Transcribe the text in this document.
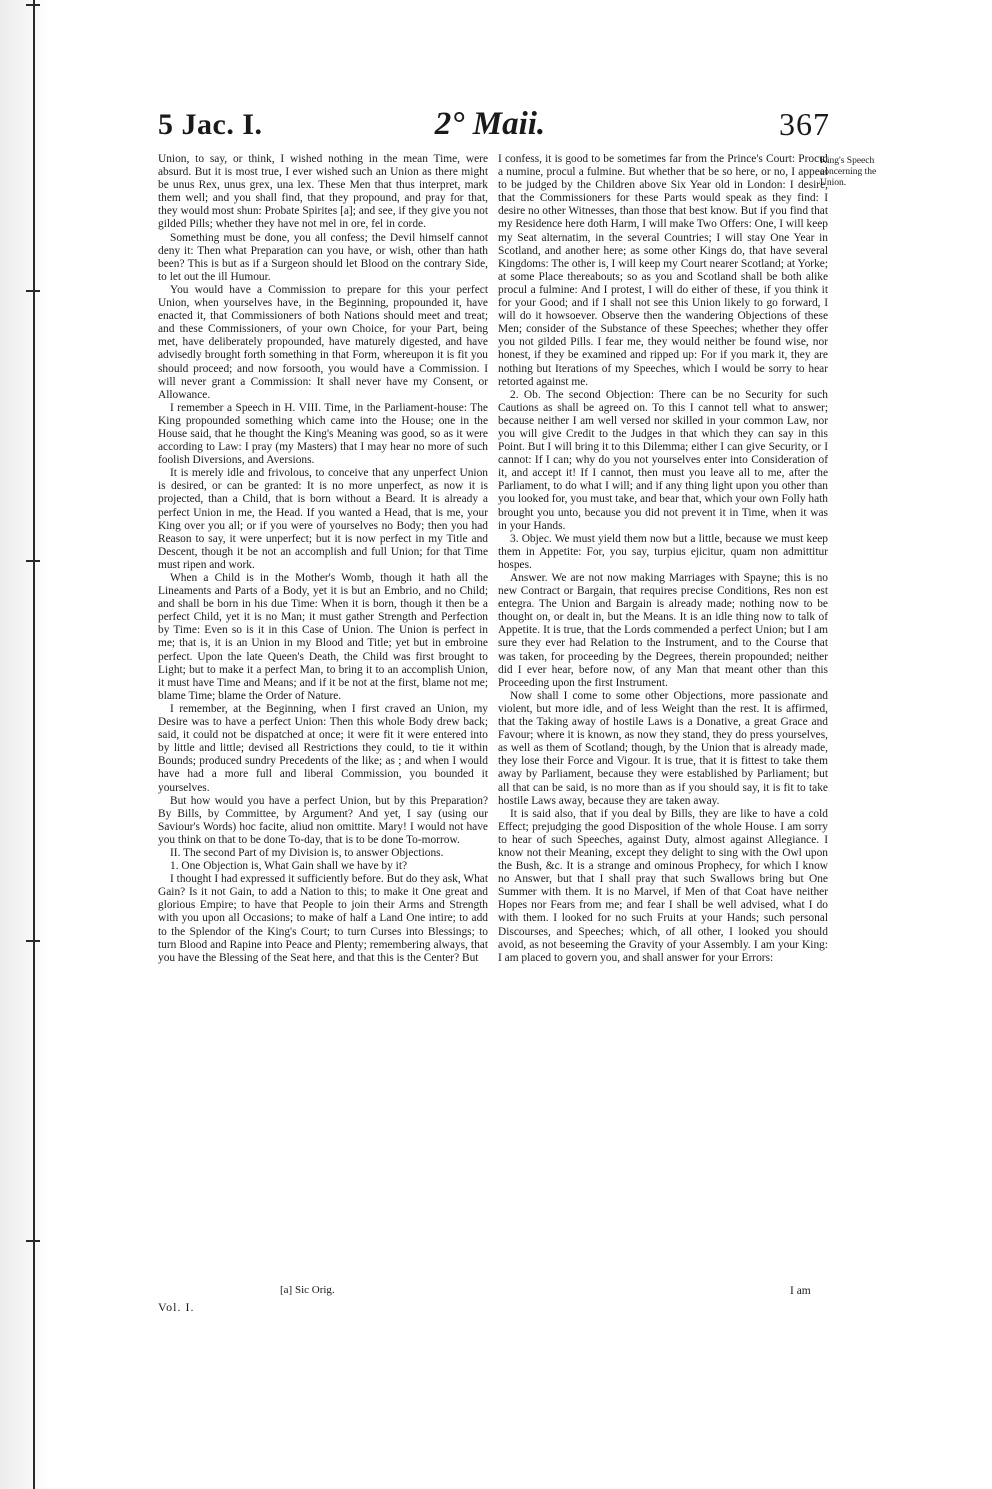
5 Jac. I.	2° Maii.	367

Union, to say, or think, I wished nothing in the mean Time, were absurd. But it is most true, I ever wished such an Union as there might be unus Rex, unus grex, una lex. These Men that thus interpret, mark them well; and you shall find, that they propound, and pray for that, they would most shun: Probate Spirites [a]; and see, if they give you not gilded Pills; whether they have not mel in ore, fel in corde.

Something must be done, you all confess; the Devil himself cannot deny it: Then what Preparation can you have, or wish, other than hath been? This is but as if a Surgeon should let Blood on the contrary Side, to let out the ill Humour.

You would have a Commission to prepare for this your perfect Union, when yourselves have, in the Beginning, propounded it, have enacted it, that Commissioners of both Nations should meet and treat; and these Commissioners, of your own Choice, for your Part, being met, have deliberately propounded, have maturely digested, and have advisedly brought forth something in that Form, whereupon it is fit you should proceed; and now forsooth, you would have a Commission. I will never grant a Commission: It shall never have my Consent, or Allowance.

I remember a Speech in H. VIII. Time, in the Parliament-house: The King propounded something which came into the House; one in the House said, that he thought the King's Meaning was good, so as it were according to Law: I pray (my Masters) that I may hear no more of such foolish Diversions, and Aversions.

It is merely idle and frivolous, to conceive that any unperfect Union is desired, or can be granted: It is no more unperfect, as now it is projected, than a Child, that is born without a Beard. It is already a perfect Union in me, the Head. If you wanted a Head, that is me, your King over you all; or if you were of yourselves no Body; then you had Reason to say, it were unperfect; but it is now perfect in my Title and Descent, though it be not an accomplish and full Union; for that Time must ripen and work.

When a Child is in the Mother's Womb, though it hath all the Lineaments and Parts of a Body, yet it is but an Embrio, and no Child; and shall be born in his due Time: When it is born, though it then be a perfect Child, yet it is no Man; it must gather Strength and Perfection by Time: Even so is it in this Case of Union. The Union is perfect in me; that is, it is an Union in my Blood and Title; yet but in embroine perfect. Upon the late Queen's Death, the Child was first brought to Light; but to make it a perfect Man, to bring it to an accomplish Union, it must have Time and Means; and if it be not at the first, blame not me; blame Time; blame the Order of Nature.

I remember, at the Beginning, when I first craved an Union, my Desire was to have a perfect Union: Then this whole Body drew back; said, it could not be dispatched at once; it were fit it were entered into by little and little; devised all Restrictions they could, to tie it within Bounds; produced sundry Precedents of the like; as ; and when I would have had a more full and liberal Commission, you bounded it yourselves.

But how would you have a perfect Union, but by this Preparation? By Bills, by Committee, by Argument? And yet, I say (using our Saviour's Words) hoc facite, aliud non omittite. Mary! I would not have you think on that to be done To-day, that is to be done To-morrow.

II. The second Part of my Division is, to answer Objections.

1. One Objection is, What Gain shall we have by it?

I thought I had expressed it sufficiently before. But do they ask, What Gain? Is it not Gain, to add a Nation to this; to make it One great and glorious Empire; to have that People to join their Arms and Strength with you upon all Occasions; to make of half a Land One intire; to add to the Splendor of the King's Court; to turn Curses into Blessings; to turn Blood and Rapine into Peace and Plenty; remembering always, that you have the Blessing of the Seat here, and that this is the Center? But

I confess, it is good to be sometimes far from the Prince's Court: Procul a numine, procul a fulmine. But whether that be so here, or no, I appeal to be judged by the Children above Six Year old in London: I desire, that the Commissioners for these Parts would speak as they find: I desire no other Witnesses, than those that best know. But if you find that my Residence here doth Harm, I will make Two Offers: One, I will keep my Seat alternatim, in the several Countries; I will stay One Year in Scotland, and another here; as some other Kings do, that have several Kingdoms: The other is, I will keep my Court nearer Scotland; at Yorke; at some Place thereabouts; so as you and Scotland shall be both alike procul a fulmine: And I protest, I will do either of these, if you think it for your Good; and if I shall not see this Union likely to go forward, I will do it howsoever. Observe then the wandering Objections of these Men; consider of the Substance of these Speeches; whether they offer you not gilded Pills. I fear me, they would neither be found wise, nor honest, if they be examined and ripped up: For if you mark it, they are nothing but Iterations of my Speeches, which I would be sorry to hear retorted against me.

2. Ob. The second Objection: There can be no Security for such Cautions as shall be agreed on. To this I cannot tell what to answer; because neither I am well versed nor skilled in your common Law, nor you will give Credit to the Judges in that which they can say in this Point. But I will bring it to this Dilemma; either I can give Security, or I cannot: If I can; why do you not yourselves enter into Consideration of it, and accept it! If I cannot, then must you leave all to me, after the Parliament, to do what I will; and if any thing light upon you other than you looked for, you must take, and bear that, which your own Folly hath brought you unto, because you did not prevent it in Time, when it was in your Hands.

3. Objec. We must yield them now but a little, because we must keep them in Appetite: For, you say, turpius ejicitur, quam non admittitur hospes.

Answer. We are not now making Marriages with Spayne; this is no new Contract or Bargain, that requires precise Conditions, Res non est entegra. The Union and Bargain is already made; nothing now to be thought on, or dealt in, but the Means. It is an idle thing now to talk of Appetite. It is true, that the Lords commended a perfect Union; but I am sure they ever had Relation to the Instrument, and to the Course that was taken, for proceeding by the Degrees, therein propounded; neither did I ever hear, before now, of any Man that meant other than this Proceeding upon the first Instrument.

Now shall I come to some other Objections, more passionate and violent, but more idle, and of less Weight than the rest. It is affirmed, that the Taking away of hostile Laws is a Donative, a great Grace and Favour; where it is known, as now they stand, they do press yourselves, as well as them of Scotland; though, by the Union that is already made, they lose their Force and Vigour. It is true, that it is fittest to take them away by Parliament, because they were established by Parliament; but all that can be said, is no more than as if you should say, it is fit to take hostile Laws away, because they are taken away.

It is said also, that if you deal by Bills, they are like to have a cold Effect; prejudging the good Disposition of the whole House. I am sorry to hear of such Speeches, against Duty, almost against Allegiance. I know not their Meaning, except they delight to sing with the Owl upon the Bush, &c. It is a strange and ominous Prophecy, for which I know no Answer, but that I shall pray that such Swallows bring but One Summer with them. It is no Marvel, if Men of that Coat have neither Hopes nor Fears from me; and fear I shall be well advised, what I do with them. I looked for no such Fruits at your Hands; such personal Discourses, and Speeches; which, of all other, I looked you should avoid, as not beseeming the Gravity of your Assembly. I am your King: I am placed to govern you, and shall answer for your Errors:

King's Speech concerning the Union.
[a] Sic Orig.
Vol. I.
I am
